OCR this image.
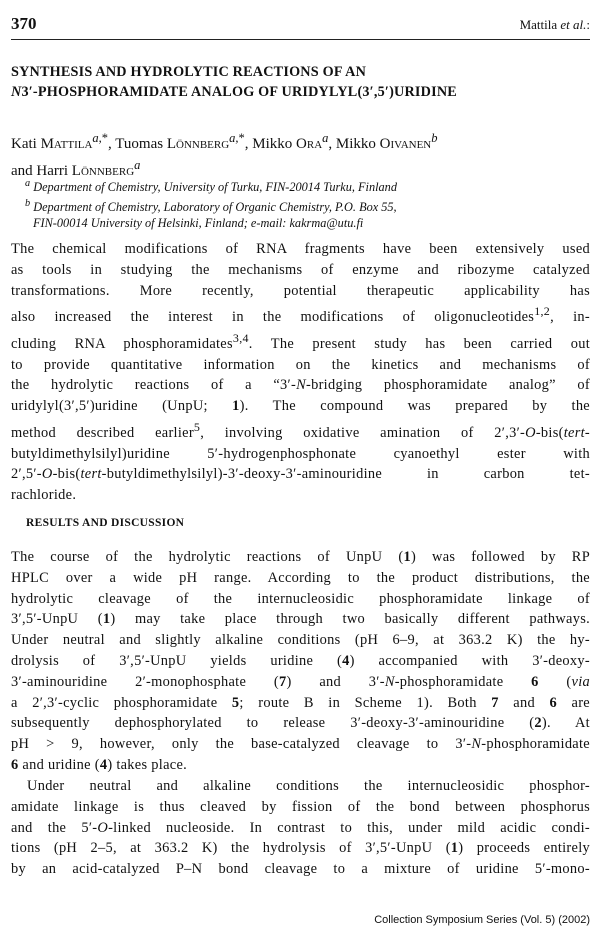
370	Mattila et al.:
SYNTHESIS AND HYDROLYTIC REACTIONS OF AN
N3′-PHOSPHORAMIDATE ANALOG OF URIDYLYL(3′,5′)URIDINE
Kati Mattila$^{a,*}$, Tuomas Lönnberg$^{a,*}$, Mikko Ora$^a$, Mikko Oivanen$^b$
and Harri Lönnberg$^a$
$^a$ Department of Chemistry, University of Turku, FIN-20014 Turku, Finland
$^b$ Department of Chemistry, Laboratory of Organic Chemistry, P.O. Box 55,
FIN-00014 University of Helsinki, Finland; e-mail: kakrma@utu.fi
The chemical modifications of RNA fragments have been extensively used
as tools in studying the mechanisms of enzyme and ribozyme catalyzed
transformations. More recently, potential therapeutic applicability has
also increased the interest in the modifications of oligonucleotides$^{1,2}$, in-
cluding RNA phosphoramidates$^{3,4}$. The present study has been carried out
to provide quantitative information on the kinetics and mechanisms of
the hydrolytic reactions of a “3′-N-bridging phosphoramidate analog” of
uridylyl(3′,5′)uridine (UnpU; 1). The compound was prepared by the
method described earlier$^5$, involving oxidative amination of 2′,3′-O-bis(tert-
butyldimethylsilyl)uridine 5′-hydrogenphosphonate cyanoethyl ester with
2′,5′-O-bis(tert-butyldimethylsilyl)-3′-deoxy-3′-aminouridine in carbon tet-
rachloride.
RESULTS AND DISCUSSION
The course of the hydrolytic reactions of UnpU (1) was followed by RP
HPLC over a wide pH range. According to the product distributions, the
hydrolytic cleavage of the internucleosidic phosphoramidate linkage of
3′,5′-UnpU (1) may take place through two basically different pathways.
Under neutral and slightly alkaline conditions (pH 6–9, at 363.2 K) the hy-
drolysis of 3′,5′-UnpU yields uridine (4) accompanied with 3′-deoxy-
3′-aminouridine 2′-monophosphate (7) and 3′-N-phosphoramidate 6 (via
a 2′,3′-cyclic phosphoramidate 5; route B in Scheme 1). Both 7 and 6 are
subsequently dephosphorylated to release 3′-deoxy-3′-aminouridine (2). At
pH > 9, however, only the base-catalyzed cleavage to 3′-N-phosphoramidate
6 and uridine (4) takes place.
Under neutral and alkaline conditions the internucleosidic phosphor-
amidate linkage is thus cleaved by fission of the bond between phosphorus
and the 5′-O-linked nucleoside. In contrast to this, under mild acidic condi-
tions (pH 2–5, at 363.2 K) the hydrolysis of 3′,5′-UnpU (1) proceeds entirely
by an acid-catalyzed P–N bond cleavage to a mixture of uridine 5′-mono-
Collection Symposium Series (Vol. 5) (2002)
